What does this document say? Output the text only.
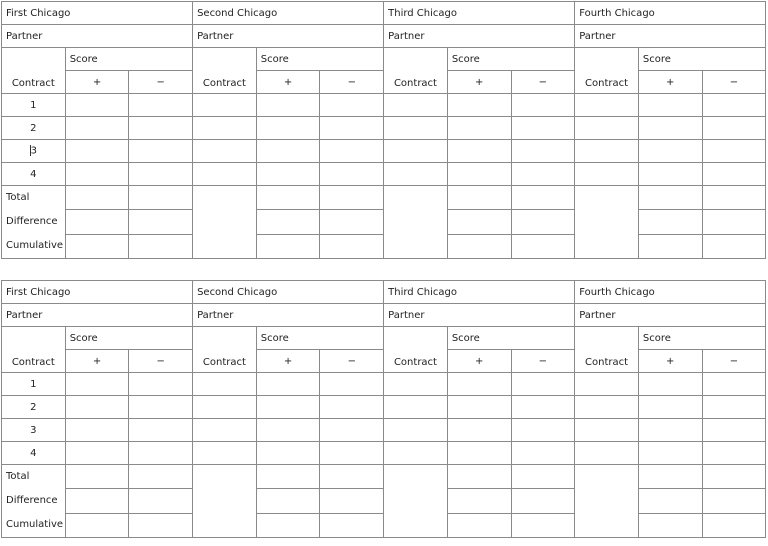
First Chicago			Second Chicago			Third Chicago			Fourth Chicago		
Partner			Partner			Partner			Partner		
Contract	Score		Contract	Score		Contract	Score		Contract	Score	
	+	−		+	−		+	−		+	−
1											
2											
3											
4											

Total
Difference
Cumulative											

First Chicago			Second Chicago			Third Chicago			Fourth Chicago		
Partner			Partner			Partner			Partner		
Contract	Score		Contract	Score		Contract	Score		Contract	Score	
	+	−		+	−		+	−		+	−
1											
2											
3											
4											

Total
Difference
Cumulative											
